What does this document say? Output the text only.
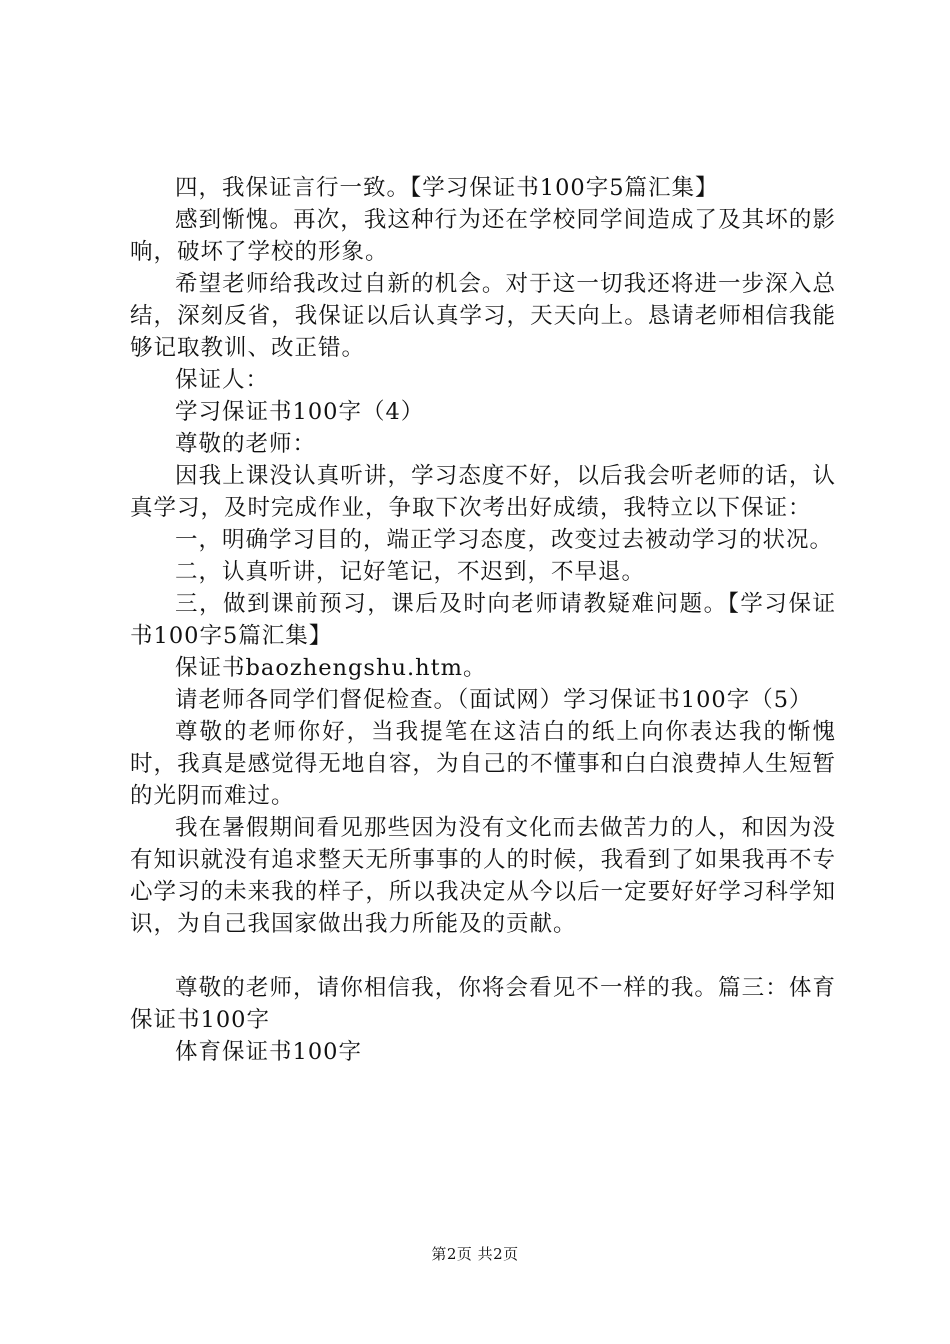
四，我保证言行一致。【学习保证书100字5篇汇集】

感到惭愧。再次，我这种行为还在学校同学间造成了及其坏的影响，破坏了学校的形象。

希望老师给我改过自新的机会。对于这一切我还将进一步深入总结，深刻反省，我保证以后认真学习，天天向上。恳请老师相信我能够记取教训、改正错。

保证人：

学习保证书100字（4）

尊敬的老师：

因我上课没认真听讲，学习态度不好，以后我会听老师的话，认真学习，及时完成作业，争取下次考出好成绩，我特立以下保证：

一，明确学习目的，端正学习态度，改变过去被动学习的状况。

二，认真听讲，记好笔记，不迟到，不早退。

三，做到课前预习，课后及时向老师请教疑难问题。【学习保证书100字5篇汇集】

保证书baozhengshu.htm。

请老师各同学们督促检查。（面试网）学习保证书100字（5）

尊敬的老师你好，当我提笔在这洁白的纸上向你表达我的惭愧时，我真是感觉得无地自容，为自己的不懂事和白白浪费掉人生短暂的光阴而难过。

我在暑假期间看见那些因为没有文化而去做苦力的人，和因为没有知识就没有追求整天无所事事的人的时候，我看到了如果我再不专心学习的未来我的样子，所以我决定从今以后一定要好好学习科学知识，为自己我国家做出我力所能及的贡献。

尊敬的老师，请你相信我，你将会看见不一样的我。篇三：体育保证书100字

体育保证书100字

第2页 共2页
